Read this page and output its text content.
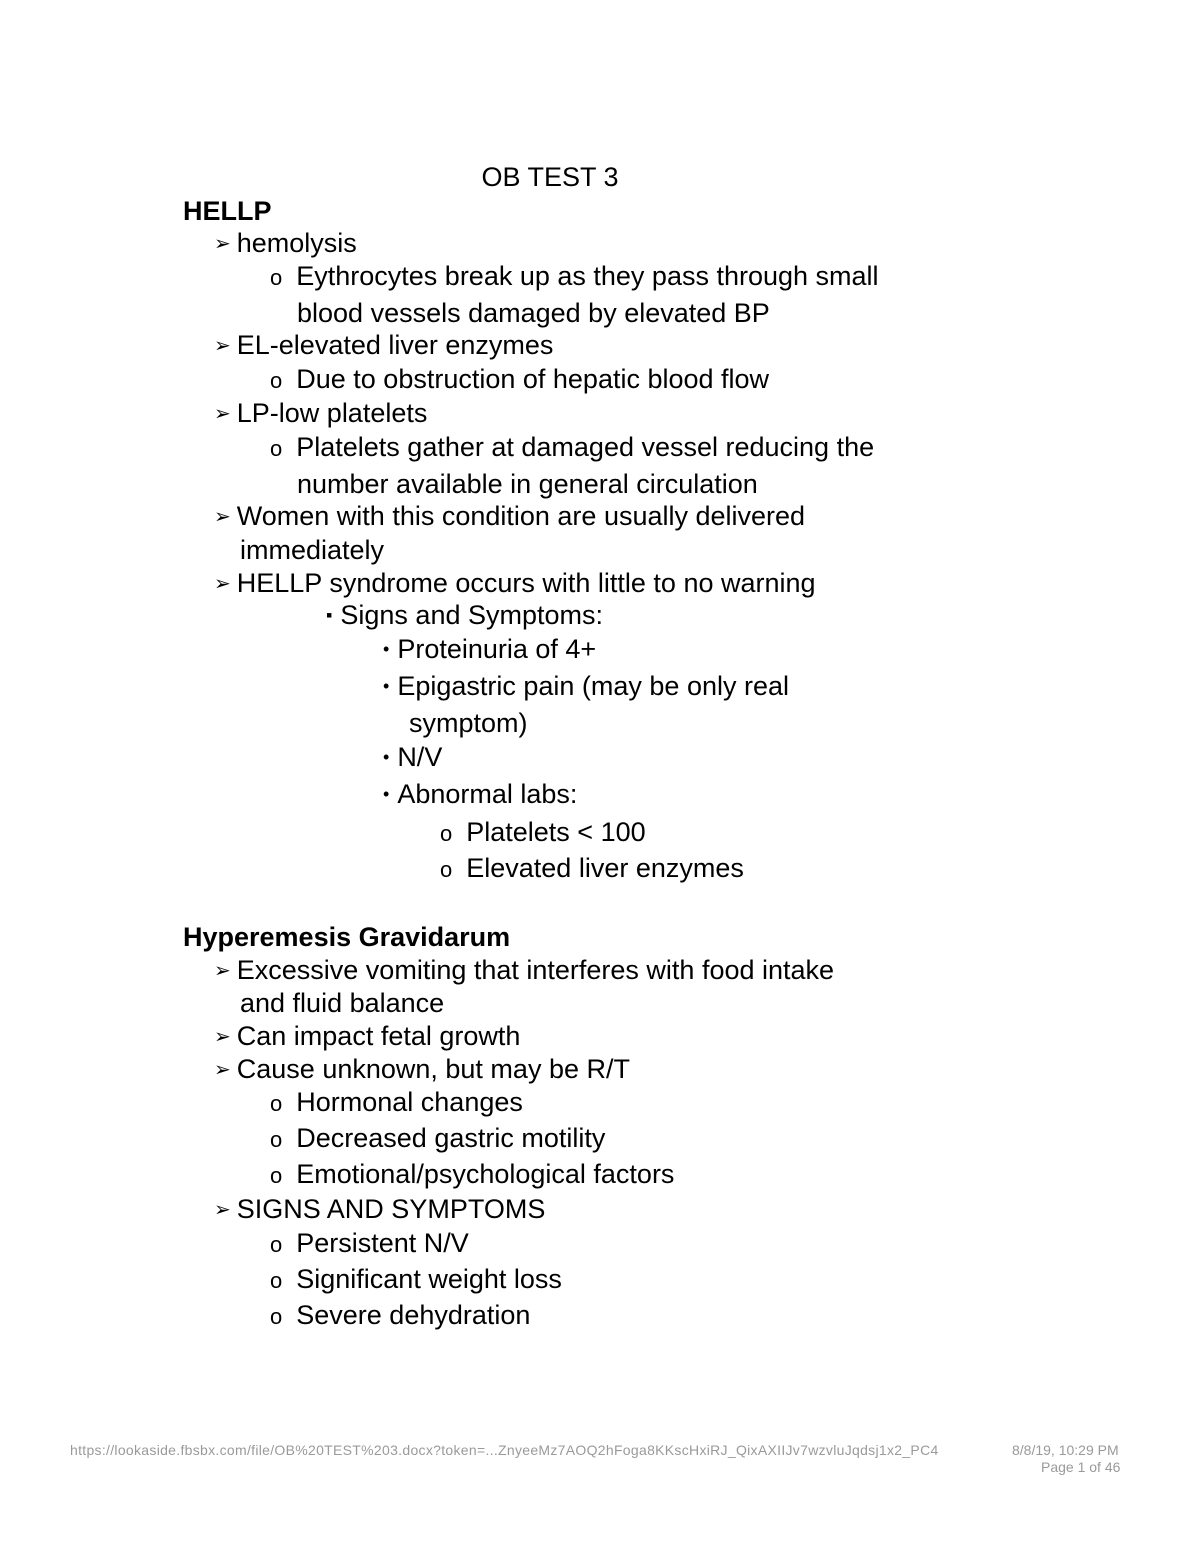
OB TEST 3
HELLP
➢ hemolysis
o Eythrocytes break up as they pass through small
blood vessels damaged by elevated BP
➢ EL-elevated liver enzymes
o Due to obstruction of hepatic blood flow
➢ LP-low platelets
o Platelets gather at damaged vessel reducing the
number available in general circulation
➢ Women with this condition are usually delivered
immediately
➢ HELLP syndrome occurs with little to no warning
▪ Signs and Symptoms:
• Proteinuria of 4+
• Epigastric pain (may be only real
symptom)
• N/V
• Abnormal labs:
o Platelets < 100
o Elevated liver enzymes
Hyperemesis Gravidarum
➢ Excessive vomiting that interferes with food intake
and fluid balance
➢ Can impact fetal growth
➢ Cause unknown, but may be R/T
o Hormonal changes
o Decreased gastric motility
o Emotional/psychological factors
➢ SIGNS AND SYMPTOMS
o Persistent N/V
o Significant weight loss
o Severe dehydration
https://lookaside.fbsbx.com/file/OB%20TEST%203.docx?token=...ZnyeeMz7AOQ2hFoga8KKscHxiRJ_QixAXIIJv7wzvluJqdsj1x2_PC4	8/8/19, 10:29 PM
Page 1 of 46
